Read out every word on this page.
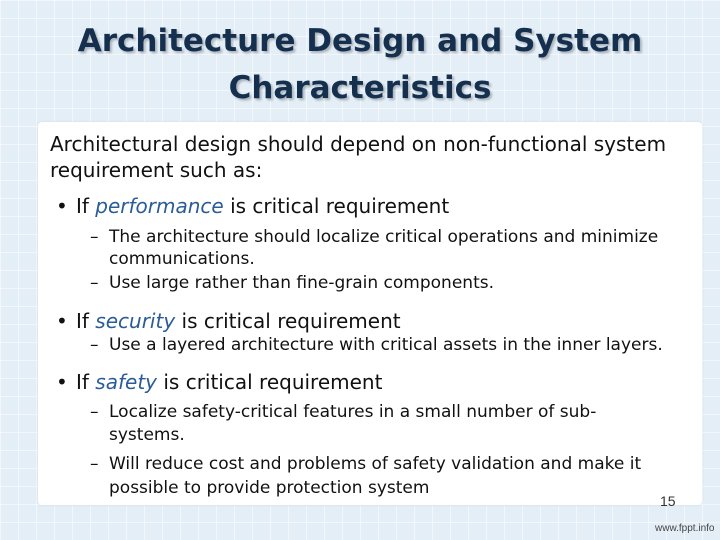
Architecture Design and System
Characteristics
Architectural design should depend on non-functional system
requirement such as:
• If performance is critical requirement
– The architecture should localize critical operations and minimize
communications.
– Use large rather than fine-grain components.
• If security is critical requirement
– Use a layered architecture with critical assets in the inner layers.
• If safety is critical requirement
– Localize safety-critical features in a small number of sub-
systems.
– Will reduce cost and problems of safety validation and make it
possible to provide protection system
15
www.fppt.info
